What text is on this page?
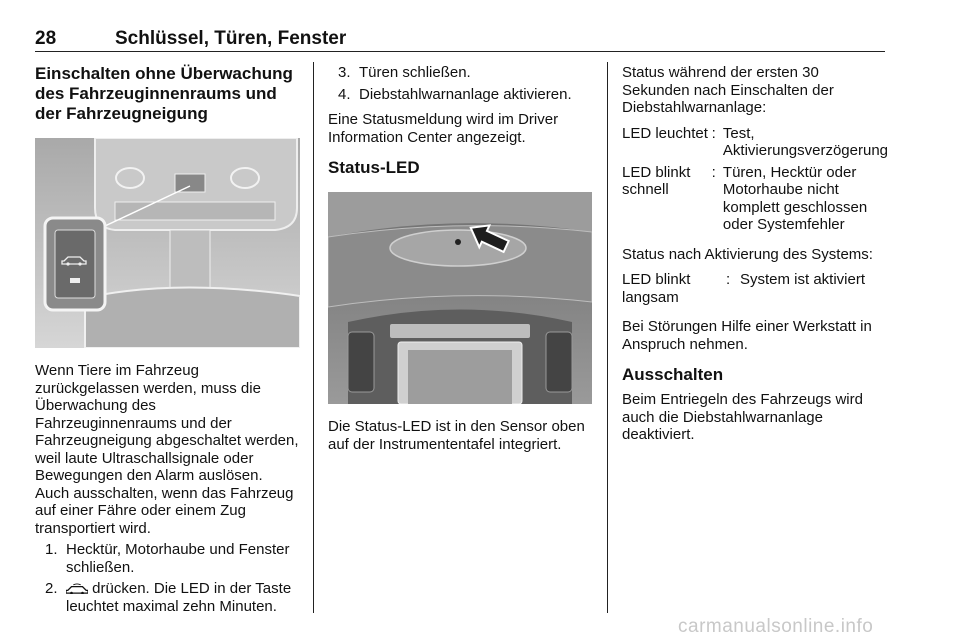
28	Schlüssel, Türen, Fenster
Einschalten ohne Überwachung des Fahrzeuginnenraums und der Fahrzeugneigung

Wenn Tiere im Fahrzeug zurückgelassen werden, muss die Überwachung des Fahrzeuginnenraums und der Fahrzeugneigung abgeschaltet werden, weil laute Ultraschallsignale oder Bewegungen den Alarm auslösen. Auch ausschalten, wenn das Fahrzeug auf einer Fähre oder einem Zug transportiert wird.

1. Hecktür, Motorhaube und Fenster schließen.
2. drücken. Die LED in der Taste leuchtet maximal zehn Minuten.
3. Türen schließen.
4. Diebstahlwarnanlage aktivieren.

Eine Statusmeldung wird im Driver Information Center angezeigt.

Status-LED

Die Status-LED ist in den Sensor oben auf der Instrumententafel integriert.

Status während der ersten 30 Sekunden nach Einschalten der Diebstahlwarnanlage:

LED leuchtet	:	Test, Aktivierungsverzögerung
LED blinkt schnell	:	Türen, Hecktür oder Motorhaube nicht komplett geschlossen oder Systemfehler

Status nach Aktivierung des Systems:

LED blinkt langsam	:	System ist aktiviert

Bei Störungen Hilfe einer Werkstatt in Anspruch nehmen.

Ausschalten

Beim Entriegeln des Fahrzeugs wird auch die Diebstahlwarnanlage deaktiviert.

carmanualsonline.info
